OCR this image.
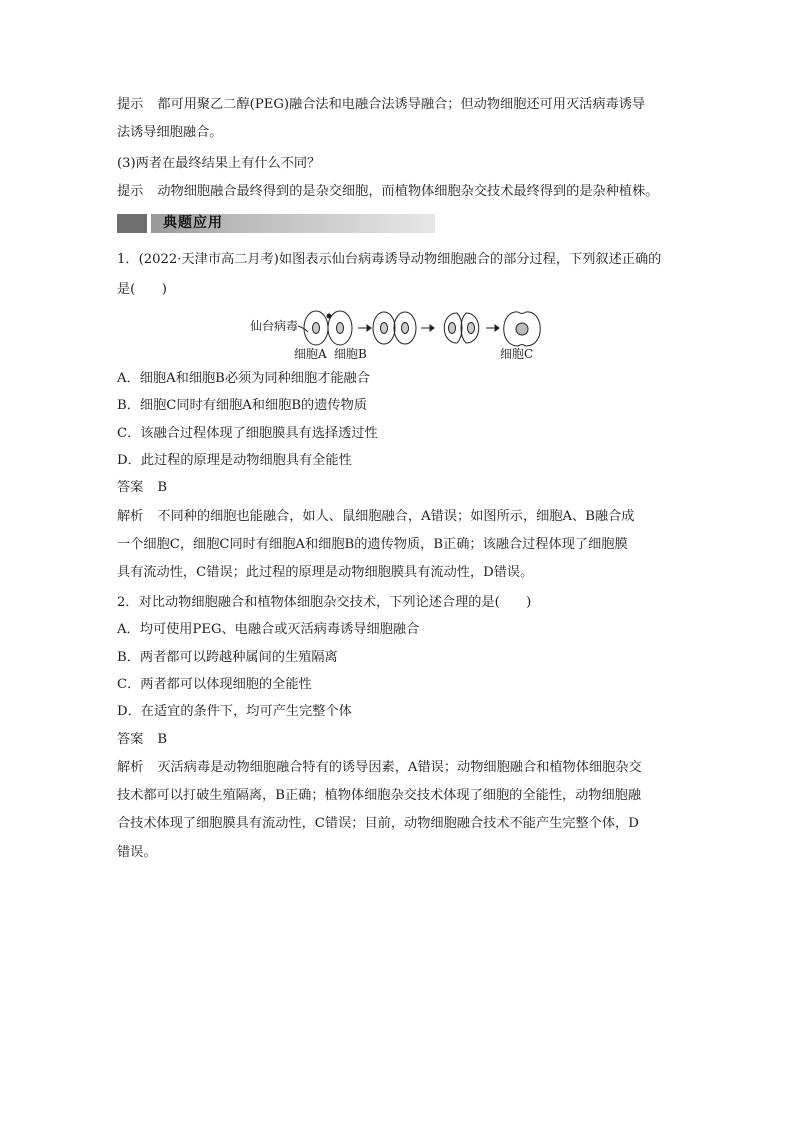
提示 都可用聚乙二醇(PEG)融合法和电融合法诱导融合；但动物细胞还可用灭活病毒诱导
法诱导细胞融合。
(3)两者在最终结果上有什么不同？
提示 动物细胞融合最终得到的是杂交细胞，而植物体细胞杂交技术最终得到的是杂种植株。
典题应用
1．(2022·天津市高二月考)如图表示仙台病毒诱导动物细胞融合的部分过程，下列叙述正确的
是(　　)
仙台病毒
细胞A 细胞B	细胞C
A．细胞A和细胞B必须为同种细胞才能融合
B．细胞C同时有细胞A和细胞B的遗传物质
C．该融合过程体现了细胞膜具有选择透过性
D．此过程的原理是动物细胞具有全能性
答案 B
解析 不同种的细胞也能融合，如人、鼠细胞融合，A错误；如图所示，细胞A、B融合成
一个细胞C，细胞C同时有细胞A和细胞B的遗传物质，B正确；该融合过程体现了细胞膜
具有流动性，C错误；此过程的原理是动物细胞膜具有流动性，D错误。
2．对比动物细胞融合和植物体细胞杂交技术，下列论述合理的是(　　)
A．均可使用PEG、电融合或灭活病毒诱导细胞融合
B．两者都可以跨越种属间的生殖隔离
C．两者都可以体现细胞的全能性
D．在适宜的条件下，均可产生完整个体
答案 B
解析 灭活病毒是动物细胞融合特有的诱导因素，A错误；动物细胞融合和植物体细胞杂交
技术都可以打破生殖隔离，B正确；植物体细胞杂交技术体现了细胞的全能性，动物细胞融
合技术体现了细胞膜具有流动性，C错误；目前，动物细胞融合技术不能产生完整个体，D
错误。
